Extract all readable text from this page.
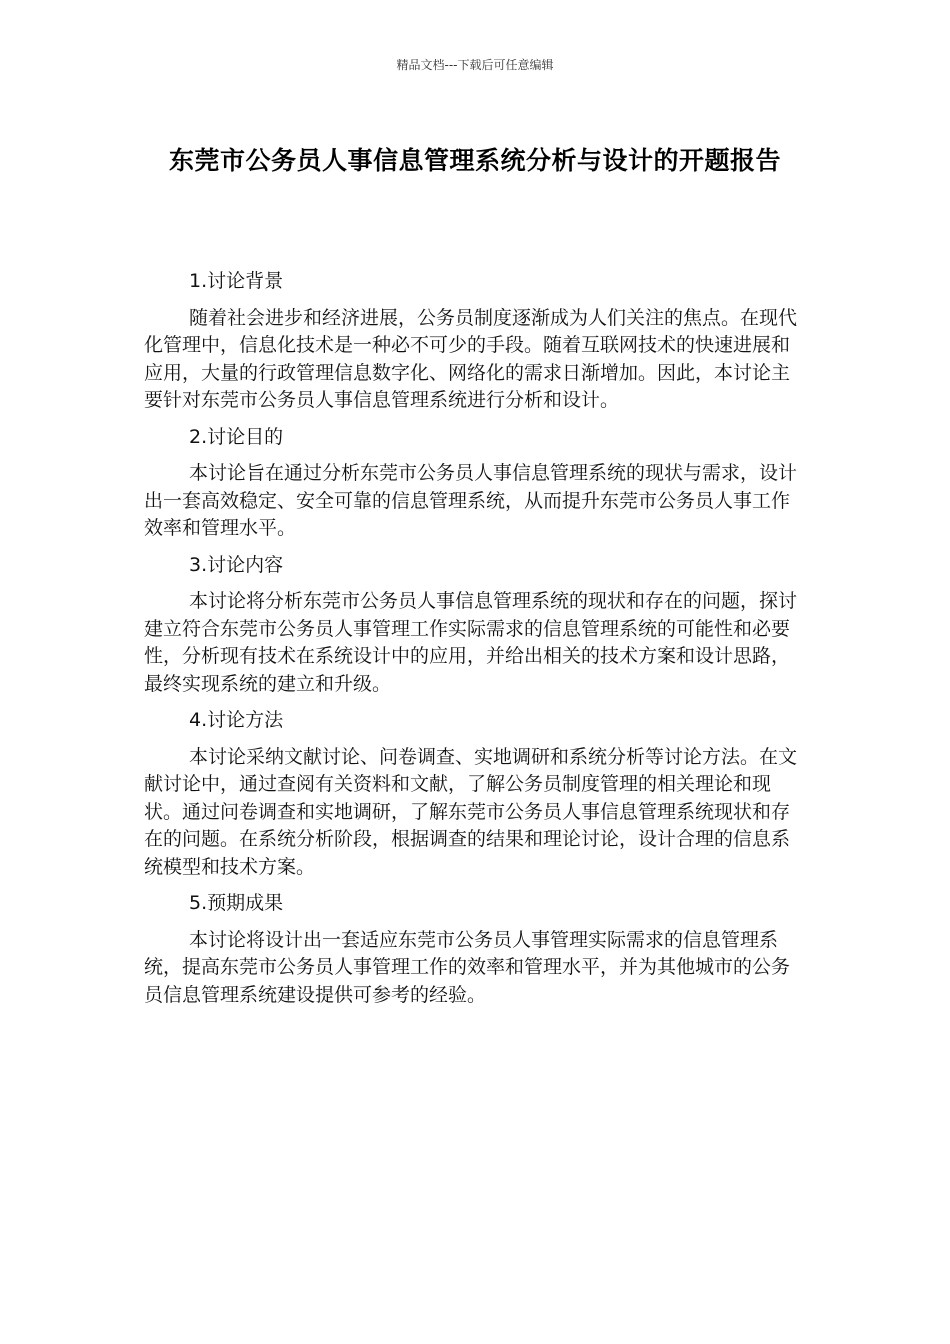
精品文档---下载后可任意编辑
东莞市公务员人事信息管理系统分析与设计的开题报告
1.讨论背景
随着社会进步和经济进展，公务员制度逐渐成为人们关注的焦点。在现代化管理中，信息化技术是一种必不可少的手段。随着互联网技术的快速进展和应用，大量的行政管理信息数字化、网络化的需求日渐增加。因此，本讨论主要针对东莞市公务员人事信息管理系统进行分析和设计。
2.讨论目的
本讨论旨在通过分析东莞市公务员人事信息管理系统的现状与需求，设计出一套高效稳定、安全可靠的信息管理系统，从而提升东莞市公务员人事工作效率和管理水平。
3.讨论内容
本讨论将分析东莞市公务员人事信息管理系统的现状和存在的问题，探讨建立符合东莞市公务员人事管理工作实际需求的信息管理系统的可能性和必要性，分析现有技术在系统设计中的应用，并给出相关的技术方案和设计思路，最终实现系统的建立和升级。
4.讨论方法
本讨论采纳文献讨论、问卷调查、实地调研和系统分析等讨论方法。在文献讨论中，通过查阅有关资料和文献，了解公务员制度管理的相关理论和现状。通过问卷调查和实地调研，了解东莞市公务员人事信息管理系统现状和存在的问题。在系统分析阶段，根据调查的结果和理论讨论，设计合理的信息系统模型和技术方案。
5.预期成果
本讨论将设计出一套适应东莞市公务员人事管理实际需求的信息管理系统，提高东莞市公务员人事管理工作的效率和管理水平，并为其他城市的公务员信息管理系统建设提供可参考的经验。
